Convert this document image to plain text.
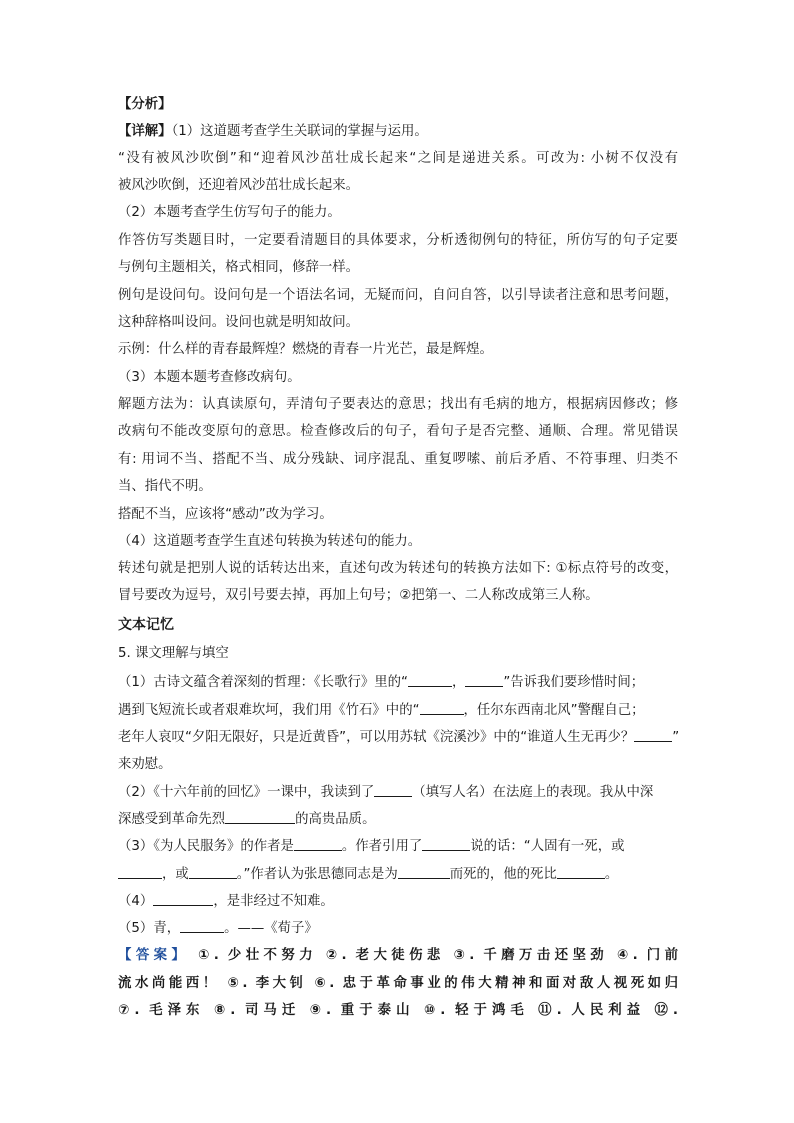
【分析】
【详解】（1）这道题考查学生关联词的掌握与运用。
“没有被风沙吹倒”和“迎着风沙茁壮成长起来“之间是递进关系。可改为: 小树不仅没有
被风沙吹倒，还迎着风沙茁壮成长起来。
（2）本题考查学生仿写句子的能力。
作答仿写类题目时，一定要看清题目的具体要求，分析透彻例句的特征，所仿写的句子定要
与例句主题相关，格式相同，修辞一样。
例句是设问句。设问句是一个语法名词，无疑而问，自问自答，以引导读者注意和思考问题，
这种辞格叫设问。设问也就是明知故问。
示例：什么样的青春最辉煌？燃烧的青春一片光芒，最是辉煌。
（3）本题本题考查修改病句。
解题方法为：认真读原句，弄清句子要表达的意思；找出有毛病的地方，根据病因修改；修
改病句不能改变原句的意思。检查修改后的句子，看句子是否完整、通顺、合理。常见错误
有: 用词不当、搭配不当、成分残缺、词序混乱、重复啰嗦、前后矛盾、不符事理、归类不
当、指代不明。
搭配不当，应该将“感动”改为学习。
（4）这道题考查学生直述句转换为转述句的能力。
转述句就是把别人说的话转达出来，直述句改为转述句的转换方法如下: ①标点符号的改变，
冒号要改为逗号，双引号要去掉，再加上句号；②把第一、二人称改成第三人称。
文本记忆
5. 课文理解与填空
（1）古诗文蕴含着深刻的哲理：《长歌行》里的“	，	”告诉我们要珍惜时间；
遇到飞短流长或者艰难坎坷，我们用《竹石》中的“	，任尔东西南北风”警醒自己；
老年人哀叹“夕阳无限好，只是近黄昏”，可以用苏轼《浣溪沙》中的“谁道人生无再少？	”
来劝慰。
（2）《十六年前的回忆》一课中，我读到了	（填写人名）在法庭上的表现。我从中深
深感受到革命先烈	的高贵品质。
（3）《为人民服务》的作者是	。作者引用了	说的话：“人固有一死，或
，或	。”作者认为张思德同志是为	而死的，他的死比	。
（4）	，是非经过不知难。
（5）青，	。——《荀子》
【答案】 ①. 少壮不努力 ②. 老大徒伤悲 ③. 千磨万击还坚劲 ④. 门前
流水尚能西！ ⑤. 李大钊 ⑥. 忠于革命事业的伟大精神和面对敌人视死如归
⑦. 毛泽东 ⑧. 司马迁 ⑨. 重于泰山 ⑩. 轻于鸿毛 ⑪. 人民利益 ⑫.
